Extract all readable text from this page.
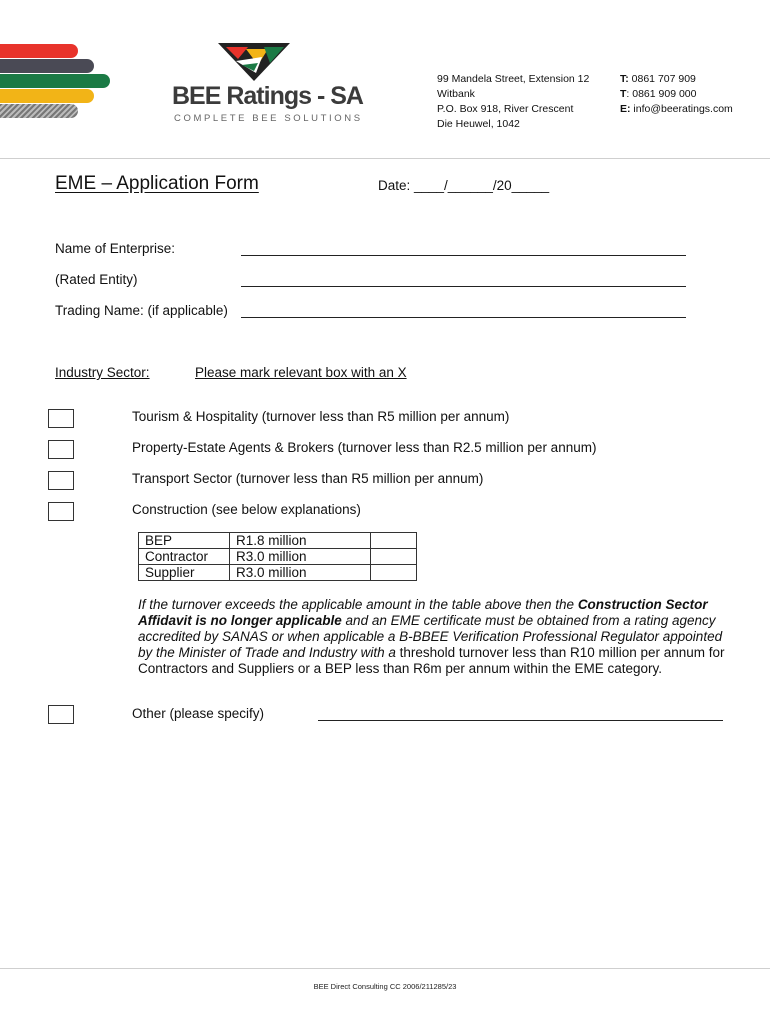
BEE Ratings - SA
COMPLETE BEE SOLUTIONS
99 Mandela Street, Extension 12
Witbank
P.O. Box 918, River Crescent
Die Heuwel, 1042
T: 0861 707 909
T: 0861 909 000
E: info@beeratings.com
EME – Application Form	Date: ____/______/20_____
Name of Enterprise:
(Rated Entity)
Trading Name: (if applicable)
Industry Sector:	Please mark relevant box with an X
Tourism & Hospitality (turnover less than R5 million per annum)
Property-Estate Agents & Brokers (turnover less than R2.5 million per annum)
Transport Sector (turnover less than R5 million per annum)
Construction (see below explanations)
BEP	R1.8 million	
Contractor	R3.0 million	
Supplier	R3.0 million	
If the turnover exceeds the applicable amount in the table above then the Construction Sector Affidavit is no longer applicable and an EME certificate must be obtained from a rating agency accredited by SANAS or when applicable a B-BBEE Verification Professional Regulator appointed by the Minister of Trade and Industry with a threshold turnover less than R10 million per annum for Contractors and Suppliers or a BEP less than R6m per annum within the EME category.
Other (please specify)
BEE Direct Consulting CC 2006/211285/23
